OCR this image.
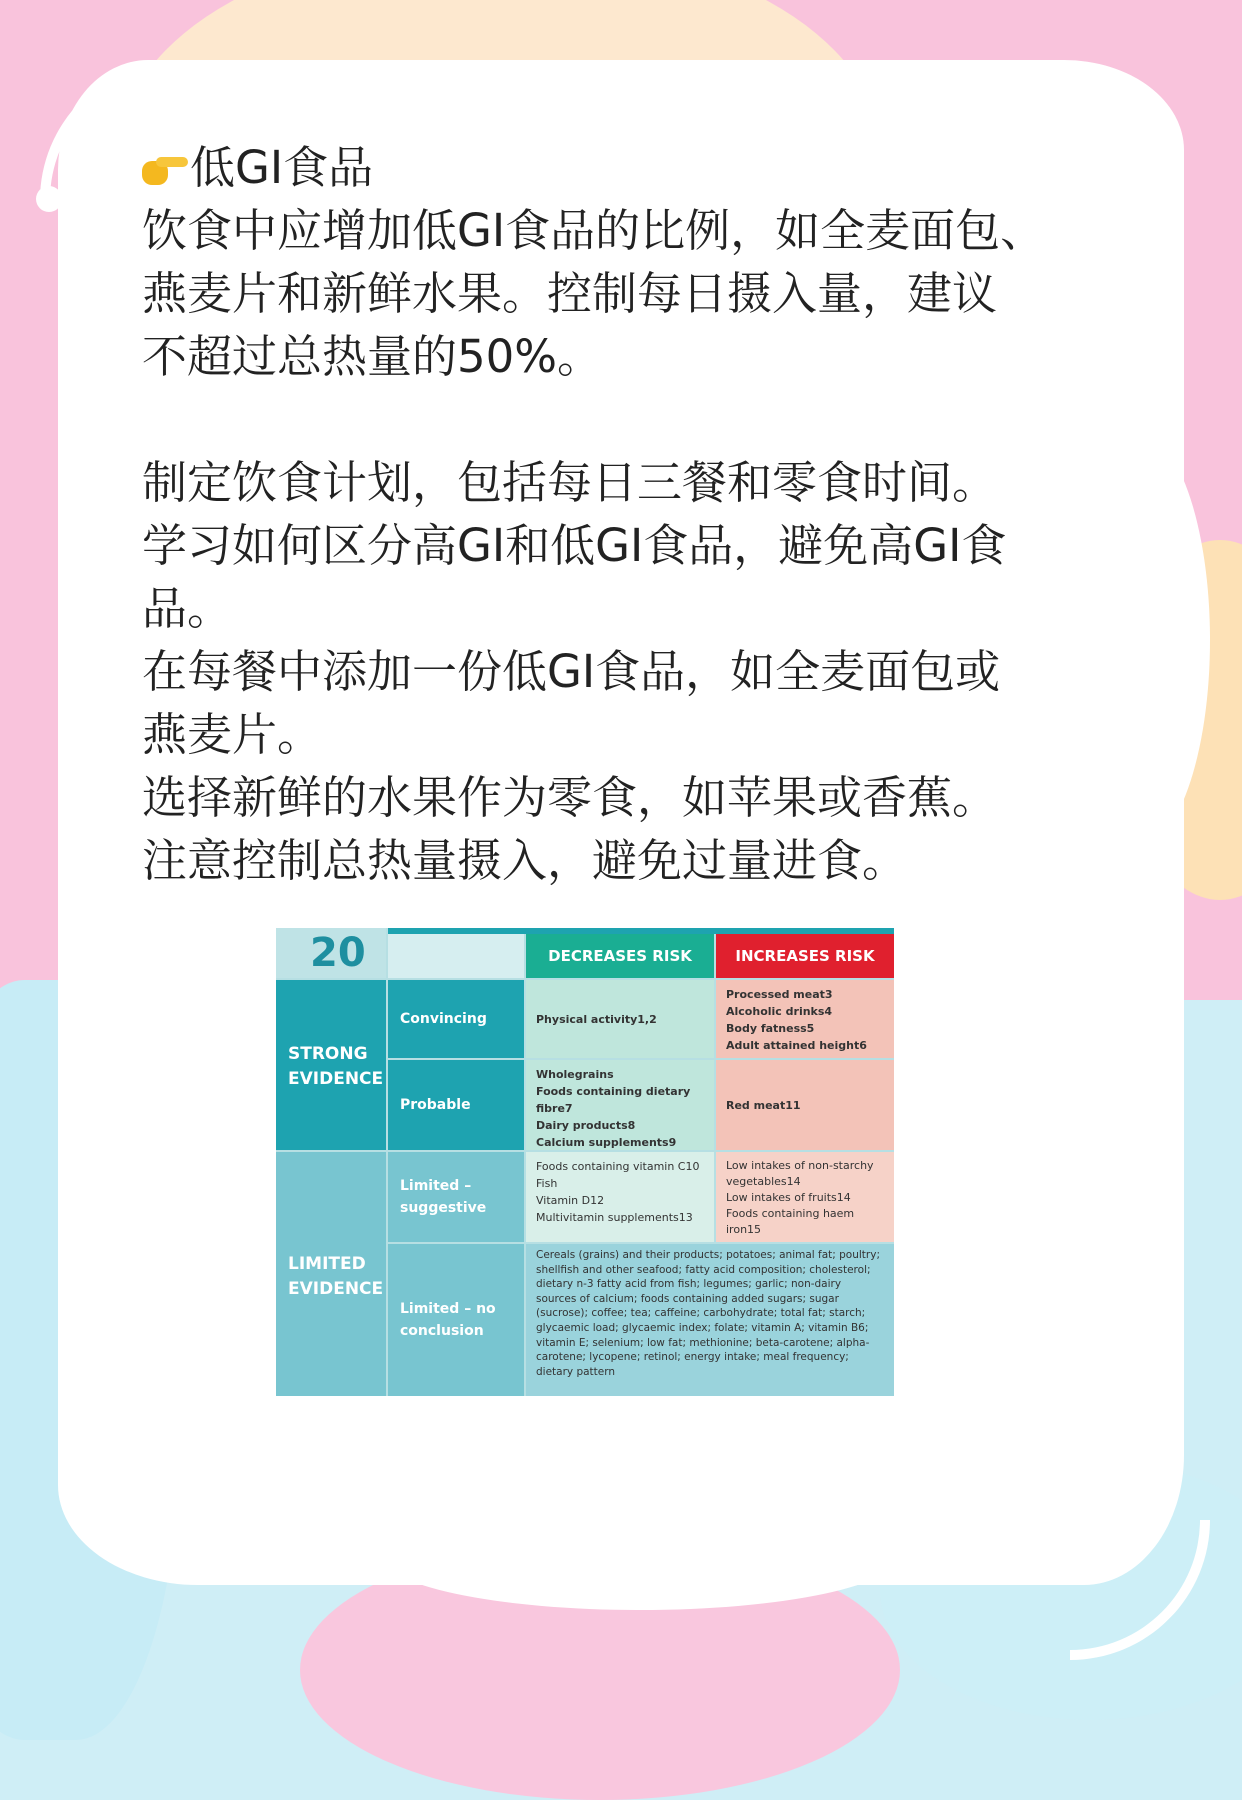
低GI食品
饮食中应增加低GI食品的比例，如全麦面包、
燕麦片和新鲜水果。控制每日摄入量，建议
不超过总热量的50%。
制定饮食计划，包括每日三餐和零食时间。
学习如何区分高GI和低GI食品，避免高GI食
品。
在每餐中添加一份低GI食品，如全麦面包或
燕麦片。
选择新鲜的水果作为零食，如苹果或香蕉。
注意控制总热量摄入，避免过量进食。
20	DECREASES RISK	INCREASES RISK
STRONG EVIDENCE
LIMITED EVIDENCE
Convincing
Probable
Limited – suggestive
Limited – no conclusion
Physical activity1,2
Wholegrains
Foods containing dietary fibre7
Dairy products8
Calcium supplements9
Foods containing vitamin C10
Fish
Vitamin D12
Multivitamin supplements13
Processed meat3
Alcoholic drinks4
Body fatness5
Adult attained height6
Red meat11
Low intakes of non-starchy vegetables14
Low intakes of fruits14
Foods containing haem iron15
Cereals (grains) and their products; potatoes; animal fat; poultry; shellfish and other seafood; fatty acid composition; cholesterol; dietary n-3 fatty acid from fish; legumes; garlic; non-dairy sources of calcium; foods containing added sugars; sugar (sucrose); coffee; tea; caffeine; carbohydrate; total fat; starch; glycaemic load; glycaemic index; folate; vitamin A; vitamin B6; vitamin E; selenium; low fat; methionine; beta-carotene; alpha-carotene; lycopene; retinol; energy intake; meal frequency; dietary pattern
